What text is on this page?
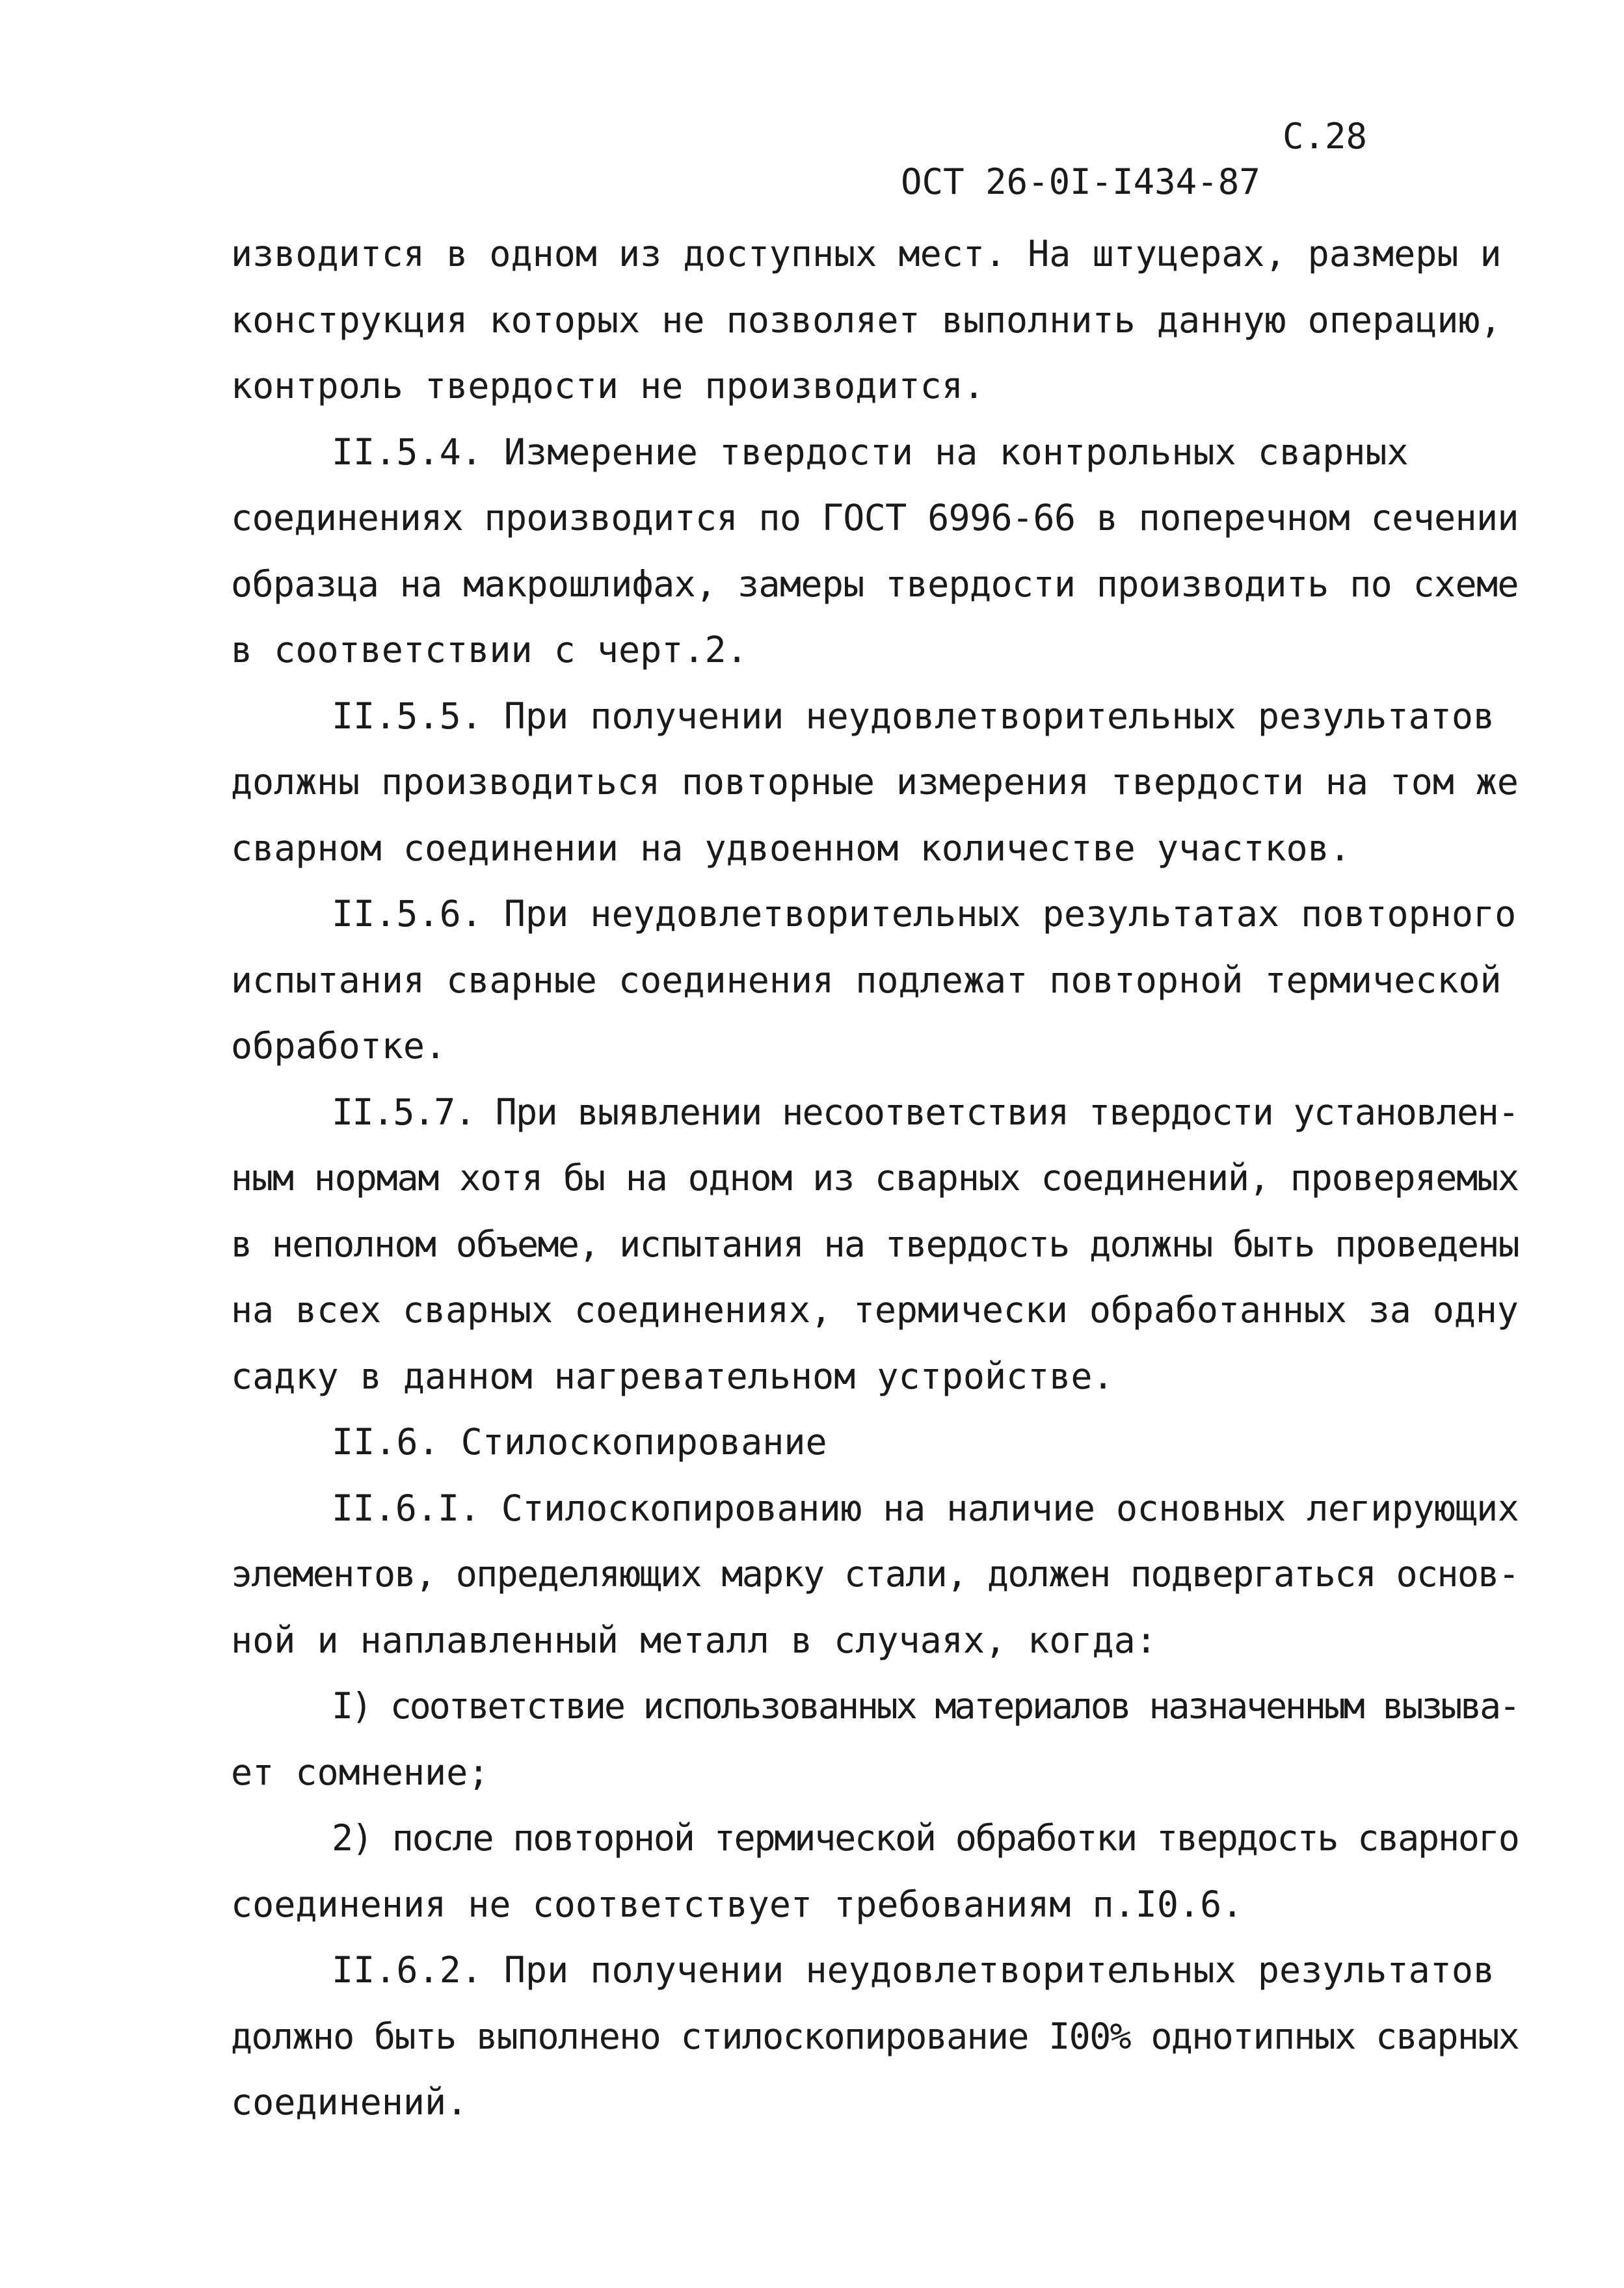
ОСТ 26-0I-I434-87

С.28

изводится в одном из доступных мест. На штуцерах, размеры и

конструкция которых не позволяет выполнить данную операцию,

контроль твердости не производится.

II.5.4. Измерение твердости на контрольных сварных

соединениях производится по ГОСТ 6996-66 в поперечном сечении

образца на макрошлифах, замеры твердости производить по схеме

в соответствии с черт.2.

II.5.5. При получении неудовлетворительных результатов

должны производиться повторные измерения твердости на том же

сварном соединении на удвоенном количестве участков.

II.5.6. При неудовлетворительных результатах повторного

испытания сварные соединения подлежат повторной термической

обработке.

II.5.7. При выявлении несоответствия твердости установлен-

ным нормам хотя бы на одном из сварных соединений, проверяемых

в неполном объеме, испытания на твердость должны быть проведены

на всех сварных соединениях, термически обработанных за одну

садку в данном нагревательном устройстве.

II.6. Стилоскопирование

II.6.I. Стилоскопированию на наличие основных легирующих

элементов, определяющих марку стали, должен подвергаться основ-

ной и наплавленный металл в случаях, когда:

I) соответствие использованных материалов назначенным вызыва-

ет сомнение;

2) после повторной термической обработки твердость сварного

соединения не соответствует требованиям п.I0.6.

II.6.2. При получении неудовлетворительных результатов

должно быть выполнено стилоскопирование I00% однотипных сварных

соединений.
